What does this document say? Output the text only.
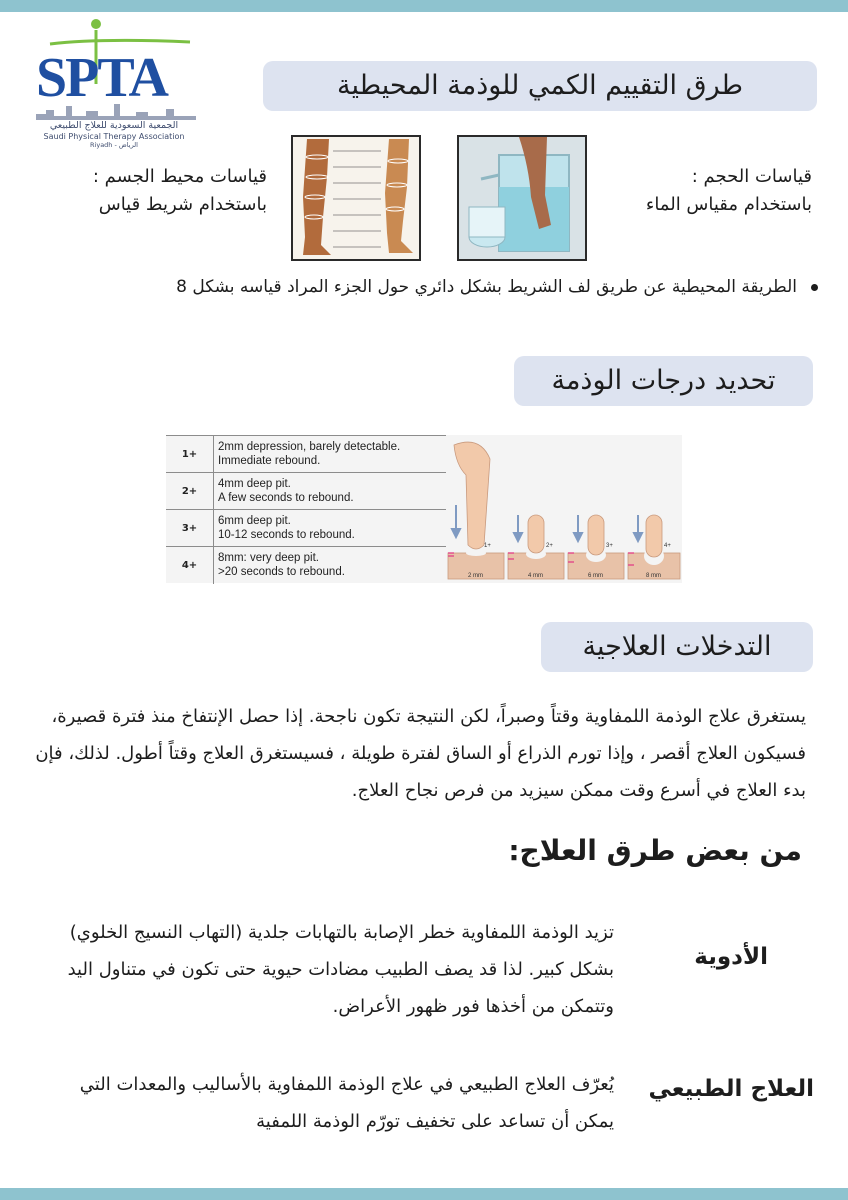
SPTA
الجمعية السعودية للعلاج الطبيعي
Saudi Physical Therapy Association
Riyadh - الرياض
طرق التقييم الكمي للوذمة المحيطية
قياسات الحجم :
باستخدام مقياس الماء
قياسات محيط الجسم :
باستخدام شريط قياس
الطريقة المحيطية عن طريق لف الشريط بشكل دائري حول الجزء المراد قياسه بشكل 8
تحديد درجات الوذمة
1+
2mm depression, barely detectable.
Immediate rebound.
2+
4mm deep pit.
A few seconds to rebound.
3+
6mm deep pit.
10-12 seconds to rebound.
4+
8mm: very deep pit.
>20 seconds to rebound.
1+	2+	3+	4+
2 mm	4 mm	6 mm	8 mm
التدخلات العلاجية
يستغرق علاج الوذمة اللمفاوية وقتاً وصبراً، لكن النتيجة تكون ناجحة. إذا حصل الإنتفاخ منذ فترة قصيرة، فسيكون العلاج أقصر ، وإذا تورم الذراع أو الساق لفترة طويلة ، فسيستغرق العلاج وقتاً أطول. لذلك، فإن بدء العلاج في أسرع وقت ممكن سيزيد من فرص نجاح العلاج.
من بعض طرق العلاج:
الأدوية
تزيد الوذمة اللمفاوية خطر الإصابة بالتهابات جلدية (التهاب النسيج الخلوي) بشكل كبير. لذا قد يصف الطبيب مضادات حيوية حتى تكون في متناول اليد وتتمكن من أخذها فور ظهور الأعراض.
العلاج الطبيعي
يُعرّف العلاج الطبيعي في علاج الوذمة اللمفاوية بالأساليب والمعدات التي يمكن أن تساعد على تخفيف تورّم الوذمة اللمفية
